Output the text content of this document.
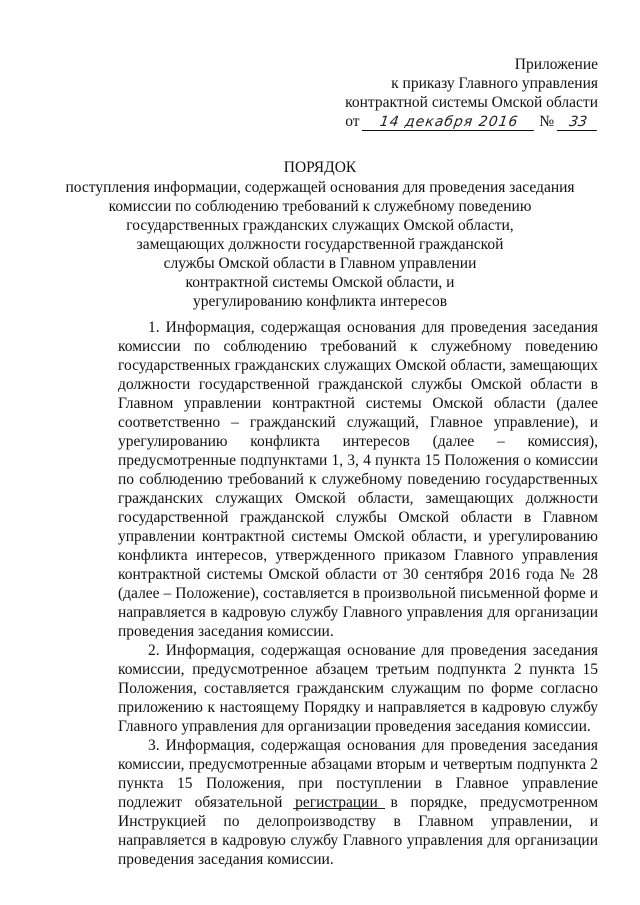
Приложение
к приказу Главного управления
контрактной системы Омской области
от 14 декабря 2016 № 33
ПОРЯДОК
поступления информации, содержащей основания для проведения заседания
комиссии по соблюдению требований к служебному поведению
государственных гражданских служащих Омской области,
замещающих должности государственной гражданской
службы Омской области в Главном управлении
контрактной системы Омской области, и
урегулированию конфликта интересов

1. Информация, содержащая основания для проведения заседания комиссии по соблюдению требований к служебному поведению государственных гражданских служащих Омской области, замещающих должности государственной гражданской службы Омской области в Главном управлении контрактной системы Омской области (далее соответственно – гражданский служащий, Главное управление), и урегулированию конфликта интересов (далее – комиссия), предусмотренные подпунктами 1, 3, 4 пункта 15 Положения о комиссии по соблюдению требований к служебному поведению государственных гражданских служащих Омской области, замещающих должности государственной гражданской службы Омской области в Главном управлении контрактной системы Омской области, и урегулированию конфликта интересов, утвержденного приказом Главного управления контрактной системы Омской области от 30 сентября 2016 года № 28 (далее – Положение), составляется в произвольной письменной форме и направляется в кадровую службу Главного управления для организации проведения заседания комиссии.

2. Информация, содержащая основание для проведения заседания комиссии, предусмотренное абзацем третьим подпункта 2 пункта 15 Положения, составляется гражданским служащим по форме согласно приложению к настоящему Порядку и направляется в кадровую службу Главного управления для организации проведения заседания комиссии.

3. Информация, содержащая основания для проведения заседания комиссии, предусмотренные абзацами вторым и четвертым подпункта 2 пункта 15 Положения, при поступлении в Главное управление подлежит обязательной регистрации в порядке, предусмотренном Инструкцией по делопроизводству в Главном управлении, и направляется в кадровую службу Главного управления для организации проведения заседания комиссии.
